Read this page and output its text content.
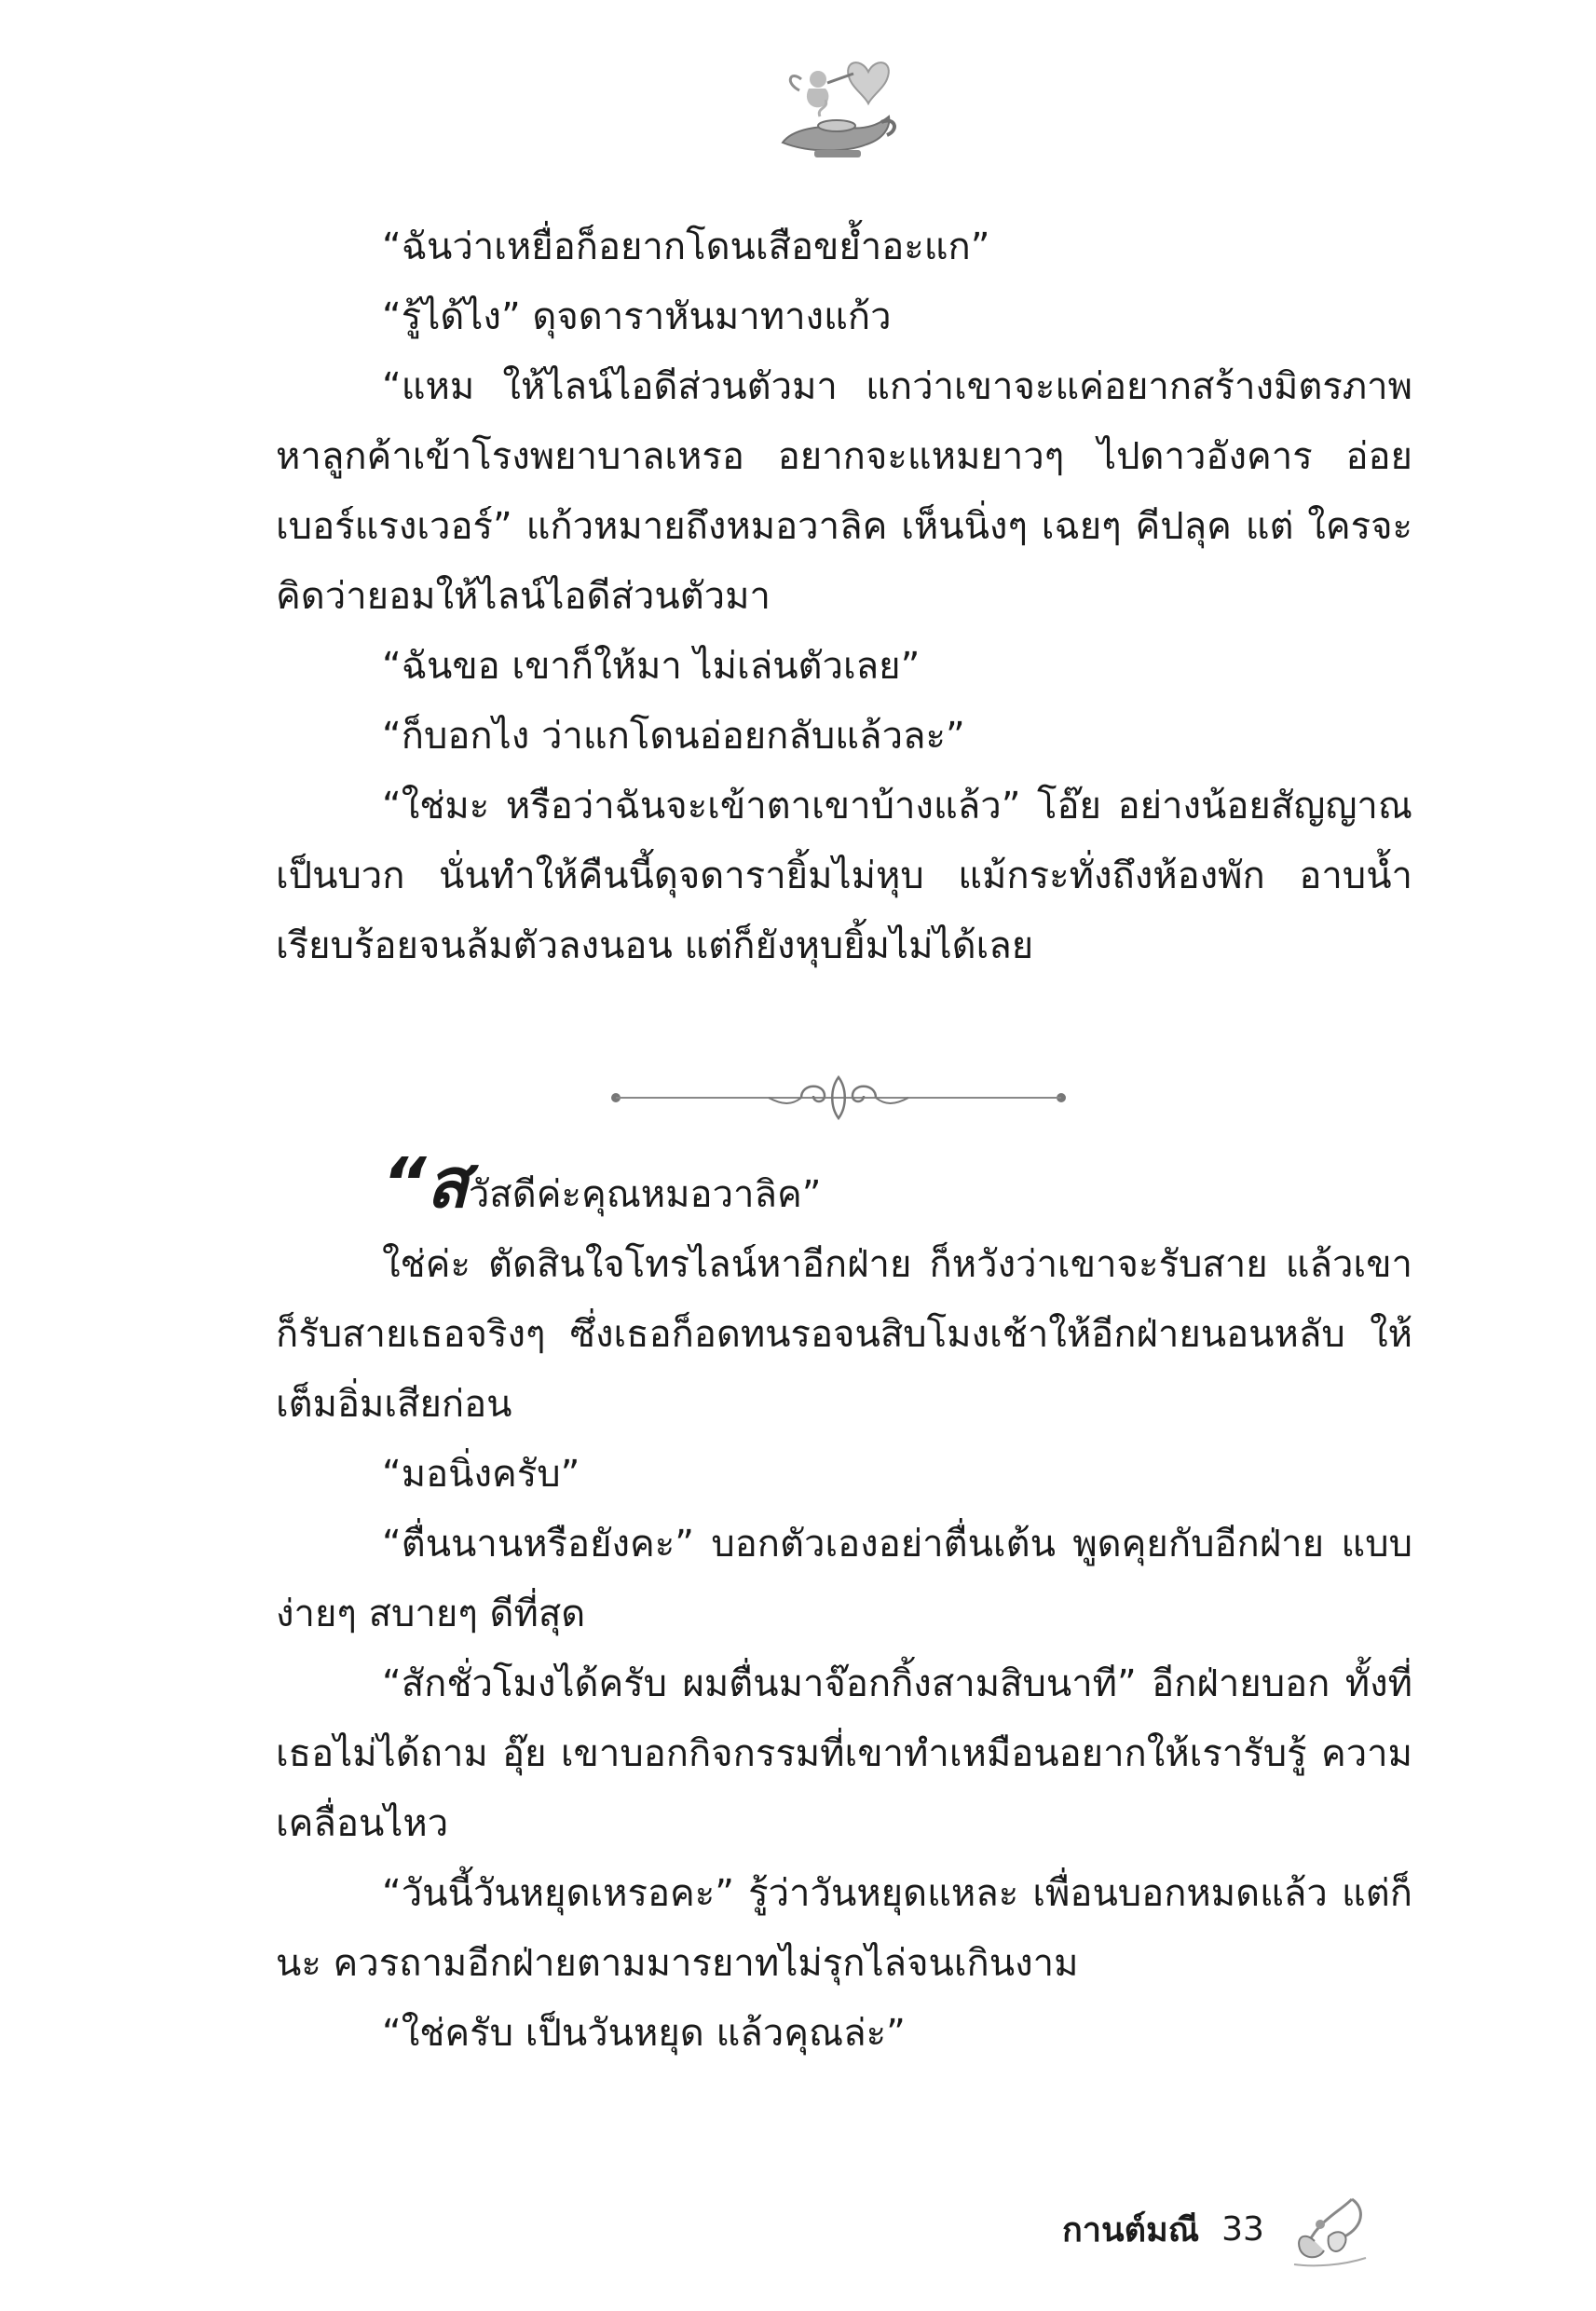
“ฉันว่าเหยื่อก็อยากโดนเสือขย้ำอะแก”

“รู้ได้ไง” ดุจดาราหันมาทางแก้ว

“แหม ให้ไลน์ไอดีส่วนตัวมา แกว่าเขาจะแค่อยากสร้างมิตรภาพ หาลูกค้าเข้าโรงพยาบาลเหรอ อยากจะแหมยาวๆ ไปดาวอังคาร อ่อย เบอร์แรงเวอร์” แก้วหมายถึงหมอวาลิค เห็นนิ่งๆ เฉยๆ คีปลุค แต่ ใครจะคิดว่ายอมให้ไลน์ไอดีส่วนตัวมา

“ฉันขอ เขาก็ให้มา ไม่เล่นตัวเลย”

“ก็บอกไง ว่าแกโดนอ่อยกลับแล้วละ”

“ใช่มะ หรือว่าฉันจะเข้าตาเขาบ้างแล้ว” โอ๊ย อย่างน้อยสัญญาณ เป็นบวก นั่นทำให้คืนนี้ดุจดารายิ้มไม่หุบ แม้กระทั่งถึงห้องพัก อาบน้ำ เรียบร้อยจนล้มตัวลงนอน แต่ก็ยังหุบยิ้มไม่ได้เลย

“สวัสดีค่ะคุณหมอวาลิค”

ใช่ค่ะ ตัดสินใจโทรไลน์หาอีกฝ่าย ก็หวังว่าเขาจะรับสาย แล้วเขา ก็รับสายเธอจริงๆ ซึ่งเธอก็อดทนรอจนสิบโมงเช้าให้อีกฝ่ายนอนหลับ ให้เต็มอิ่มเสียก่อน

“มอนิ่งครับ”

“ตื่นนานหรือยังคะ” บอกตัวเองอย่าตื่นเต้น พูดคุยกับอีกฝ่าย แบบง่ายๆ สบายๆ ดีที่สุด

“สักชั่วโมงได้ครับ ผมตื่นมาจ๊อกกิ้งสามสิบนาที” อีกฝ่ายบอก ทั้งที่เธอไม่ได้ถาม อุ๊ย เขาบอกกิจกรรมที่เขาทำเหมือนอยากให้เรารับรู้ ความเคลื่อนไหว

“วันนี้วันหยุดเหรอคะ” รู้ว่าวันหยุดแหละ เพื่อนบอกหมดแล้ว แต่ก็นะ ควรถามอีกฝ่ายตามมารยาทไม่รุกไล่จนเกินงาม

“ใช่ครับ เป็นวันหยุด แล้วคุณล่ะ”

กานต์มณี 33
